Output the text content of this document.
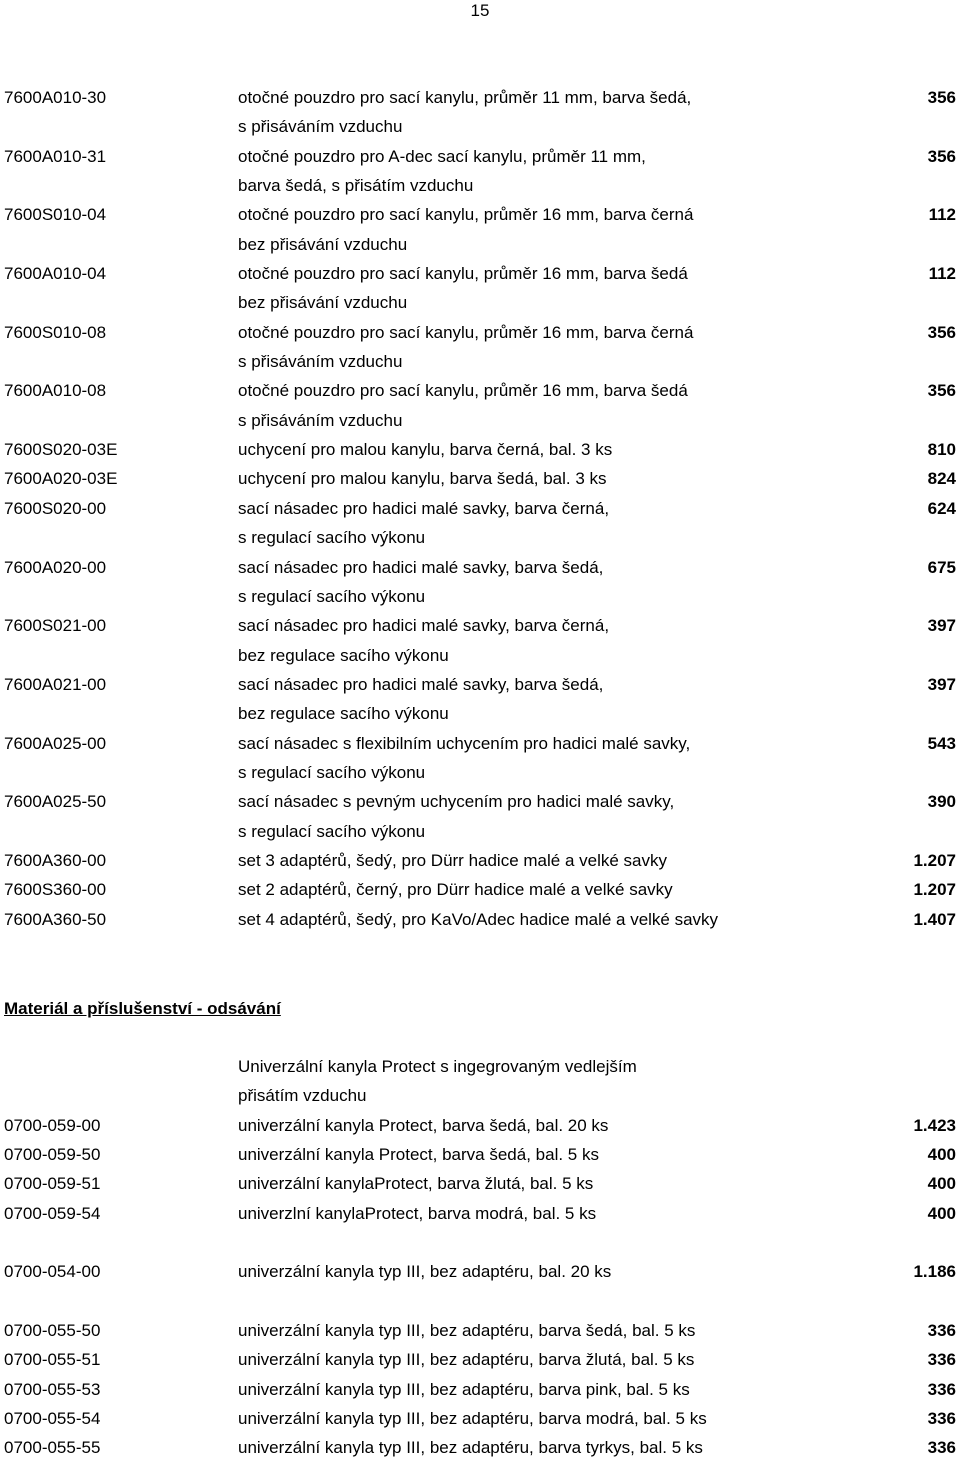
15
7600A010-30	otočné pouzdro pro sací kanylu, průměr 11 mm, barva šedá,	356
s přisáváním vzduchu
7600A010-31	otočné pouzdro pro A-dec sací kanylu, průměr 11 mm,	356
barva šedá, s přisátím vzduchu
7600S010-04	otočné pouzdro pro sací kanylu, průměr 16 mm, barva černá	112
bez přisávání vzduchu
7600A010-04	otočné pouzdro pro sací kanylu, průměr 16 mm, barva šedá	112
bez přisávání vzduchu
7600S010-08	otočné pouzdro pro sací kanylu, průměr 16 mm, barva černá	356
s přisáváním vzduchu
7600A010-08	otočné pouzdro pro sací kanylu, průměr 16 mm, barva šedá	356
s přisáváním vzduchu
7600S020-03E	uchycení pro malou kanylu, barva černá, bal. 3 ks	810
7600A020-03E	uchycení pro malou kanylu, barva šedá, bal. 3 ks	824
7600S020-00	sací násadec pro hadici malé savky, barva černá,	624
s regulací sacího výkonu
7600A020-00	sací násadec pro hadici malé savky, barva šedá,	675
s regulací sacího výkonu
7600S021-00	sací násadec pro hadici malé savky, barva černá,	397
bez regulace sacího výkonu
7600A021-00	sací násadec pro hadici malé savky, barva šedá,	397
bez regulace sacího výkonu
7600A025-00	sací násadec s flexibilním uchycením pro hadici malé savky,	543
s regulací sacího výkonu
7600A025-50	sací násadec s pevným uchycením pro hadici malé savky,	390
s regulací sacího výkonu
7600A360-00	set 3 adaptérů, šedý, pro Dürr hadice malé a velké savky	1.207
7600S360-00	set 2 adaptérů, černý, pro Dürr hadice malé a velké savky	1.207
7600A360-50	set 4 adaptérů, šedý, pro KaVo/Adec hadice malé a velké savky	1.407
Materiál a příslušenství - odsávání
Univerzální kanyla Protect s ingegrovaným vedlejším
přisátím vzduchu
0700-059-00	univerzální kanyla Protect, barva šedá, bal. 20 ks	1.423
0700-059-50	univerzální kanyla Protect, barva šedá, bal. 5 ks	400
0700-059-51	univerzální kanylaProtect, barva žlutá, bal. 5 ks	400
0700-059-54	univerzlní kanylaProtect, barva modrá, bal. 5 ks	400
0700-054-00	univerzální kanyla typ III, bez adaptéru, bal. 20 ks	1.186
0700-055-50	univerzální kanyla typ III, bez adaptéru, barva šedá, bal. 5 ks	336
0700-055-51	univerzální kanyla typ III, bez adaptéru, barva žlutá, bal. 5 ks	336
0700-055-53	univerzální kanyla typ III, bez adaptéru, barva pink, bal. 5 ks	336
0700-055-54	univerzální kanyla typ III, bez adaptéru, barva modrá, bal. 5 ks	336
0700-055-55	univerzální kanyla typ III, bez adaptéru, barva tyrkys, bal. 5 ks	336
